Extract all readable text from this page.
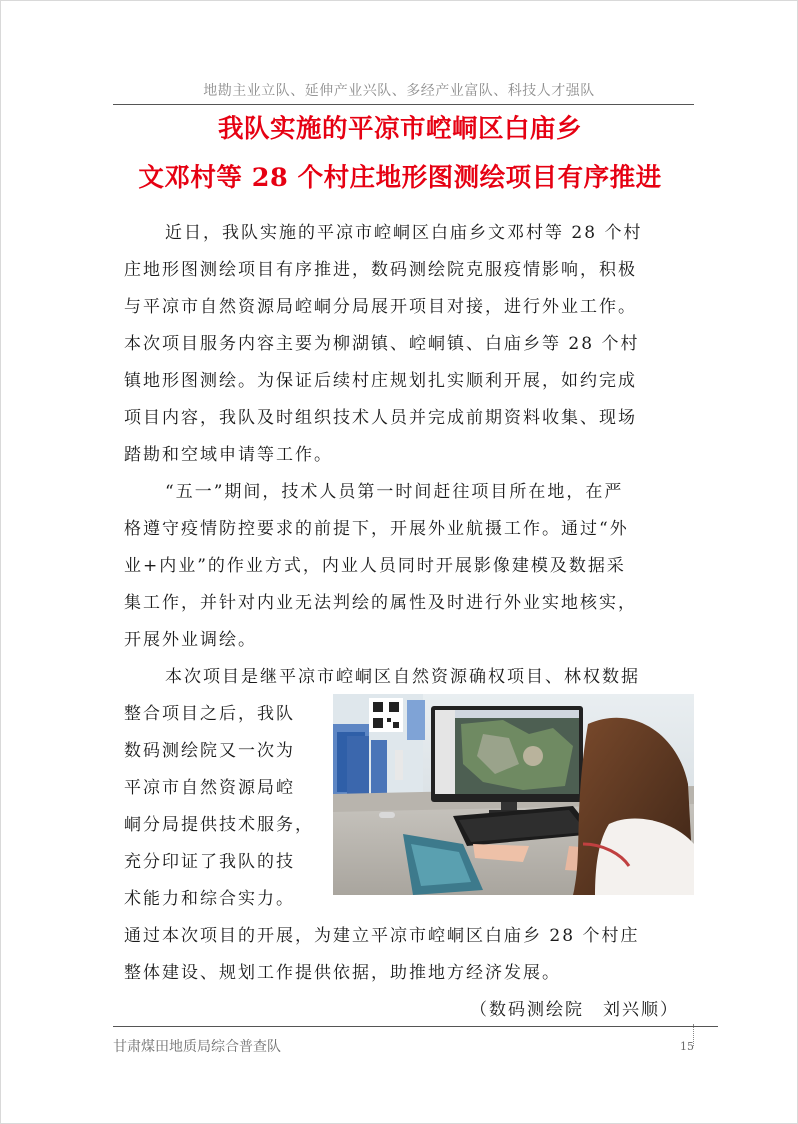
地勘主业立队、延伸产业兴队、多经产业富队、科技人才强队
我队实施的平凉市崆峒区白庙乡
文邓村等 28 个村庄地形图测绘项目有序推进
近日，我队实施的平凉市崆峒区白庙乡文邓村等 28 个村
庄地形图测绘项目有序推进，数码测绘院克服疫情影响，积极
与平凉市自然资源局崆峒分局展开项目对接，进行外业工作。
本次项目服务内容主要为柳湖镇、崆峒镇、白庙乡等 28 个村
镇地形图测绘。为保证后续村庄规划扎实顺利开展，如约完成
项目内容，我队及时组织技术人员并完成前期资料收集、现场
踏勘和空域申请等工作。
“五一”期间，技术人员第一时间赶往项目所在地，在严
格遵守疫情防控要求的前提下，开展外业航摄工作。通过“外
业+内业”的作业方式，内业人员同时开展影像建模及数据采
集工作，并针对内业无法判绘的属性及时进行外业实地核实，
开展外业调绘。
本次项目是继平凉市崆峒区自然资源确权项目、林权数据
整合项目之后，我队
数码测绘院又一次为
平凉市自然资源局崆
峒分局提供技术服务，
充分印证了我队的技
术能力和综合实力。
通过本次项目的开展，为建立平凉市崆峒区白庙乡 28 个村庄
整体建设、规划工作提供依据，助推地方经济发展。
（数码测绘院　刘兴顺）
甘肃煤田地质局综合普查队	15
